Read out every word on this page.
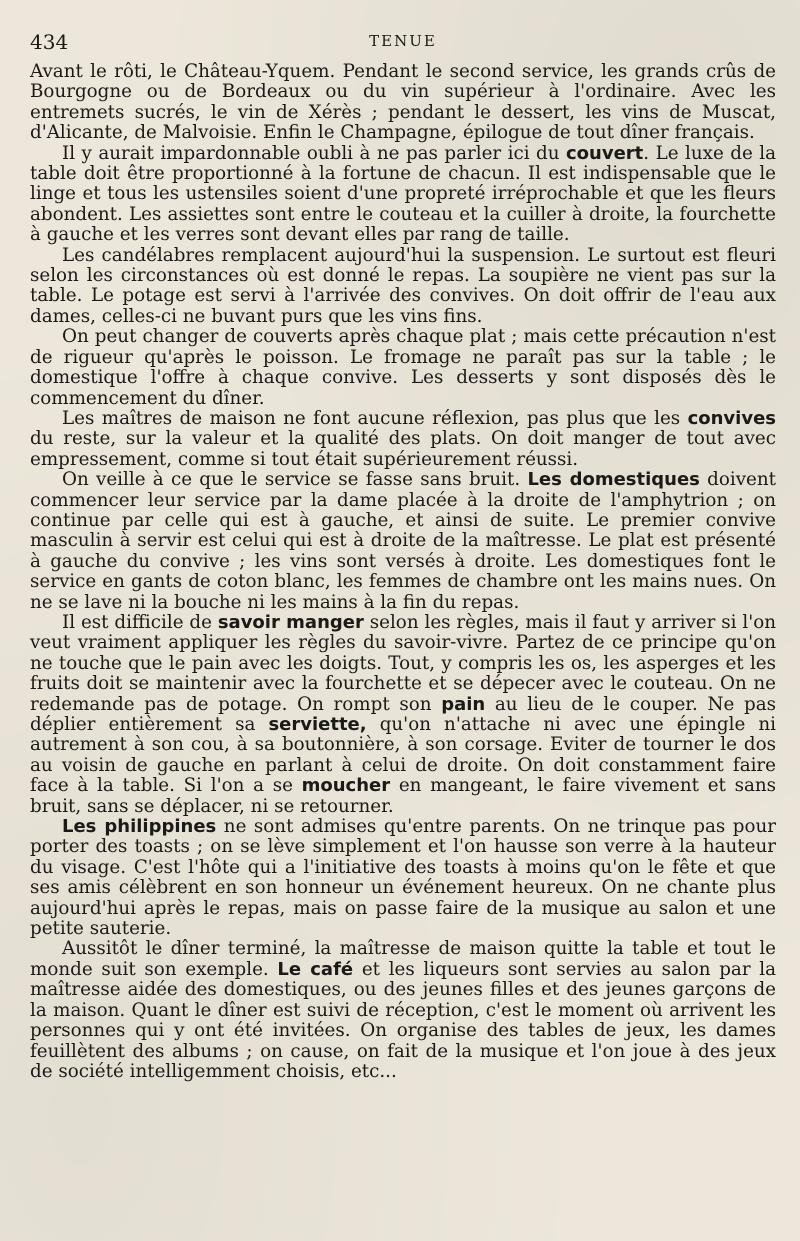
434	TENUE

Avant le rôti, le Château-Yquem. Pendant le second service, les grands crûs de Bourgogne ou de Bordeaux ou du vin supérieur à l'ordinaire. Avec les entremets sucrés, le vin de Xérès ; pendant le dessert, les vins de Muscat, d'Alicante, de Malvoisie. Enfin le Champagne, épilogue de tout dîner français.

Il y aurait impardonnable oubli à ne pas parler ici du couvert. Le luxe de la table doit être proportionné à la fortune de chacun. Il est indispensable que le linge et tous les ustensiles soient d'une propreté irréprochable et que les fleurs abondent. Les assiettes sont entre le couteau et la cuiller à droite, la fourchette à gauche et les verres sont devant elles par rang de taille.

Les candélabres remplacent aujourd'hui la suspension. Le surtout est fleuri selon les circonstances où est donné le repas. La soupière ne vient pas sur la table. Le potage est servi à l'arrivée des convives. On doit offrir de l'eau aux dames, celles-ci ne buvant purs que les vins fins.

On peut changer de couverts après chaque plat ; mais cette précaution n'est de rigueur qu'après le poisson. Le fromage ne paraît pas sur la table ; le domestique l'offre à chaque convive. Les desserts y sont disposés dès le commencement du dîner.

Les maîtres de maison ne font aucune réflexion, pas plus que les convives du reste, sur la valeur et la qualité des plats. On doit manger de tout avec empressement, comme si tout était supérieurement réussi.

On veille à ce que le service se fasse sans bruit. Les domestiques doivent commencer leur service par la dame placée à la droite de l'amphytrion ; on continue par celle qui est à gauche, et ainsi de suite. Le premier convive masculin à servir est celui qui est à droite de la maîtresse. Le plat est présenté à gauche du convive ; les vins sont versés à droite. Les domestiques font le service en gants de coton blanc, les femmes de chambre ont les mains nues. On ne se lave ni la bouche ni les mains à la fin du repas.

Il est difficile de savoir manger selon les règles, mais il faut y arriver si l'on veut vraiment appliquer les règles du savoir-vivre. Partez de ce principe qu'on ne touche que le pain avec les doigts. Tout, y compris les os, les asperges et les fruits doit se maintenir avec la fourchette et se dépecer avec le couteau. On ne redemande pas de potage. On rompt son pain au lieu de le couper. Ne pas déplier entièrement sa serviette, qu'on n'attache ni avec une épingle ni autrement à son cou, à sa boutonnière, à son corsage. Eviter de tourner le dos au voisin de gauche en parlant à celui de droite. On doit constamment faire face à la table. Si l'on a se moucher en mangeant, le faire vivement et sans bruit, sans se déplacer, ni se retourner.

Les philippines ne sont admises qu'entre parents. On ne trinque pas pour porter des toasts ; on se lève simplement et l'on hausse son verre à la hauteur du visage. C'est l'hôte qui a l'initiative des toasts à moins qu'on le fête et que ses amis célèbrent en son honneur un événement heureux. On ne chante plus aujourd'hui après le repas, mais on passe faire de la musique au salon et une petite sauterie.

Aussitôt le dîner terminé, la maîtresse de maison quitte la table et tout le monde suit son exemple. Le café et les liqueurs sont servies au salon par la maîtresse aidée des domestiques, ou des jeunes filles et des jeunes garçons de la maison. Quant le dîner est suivi de réception, c'est le moment où arrivent les personnes qui y ont été invitées. On organise des tables de jeux, les dames feuillètent des albums ; on cause, on fait de la musique et l'on joue à des jeux de société intelligemment choisis, etc...
